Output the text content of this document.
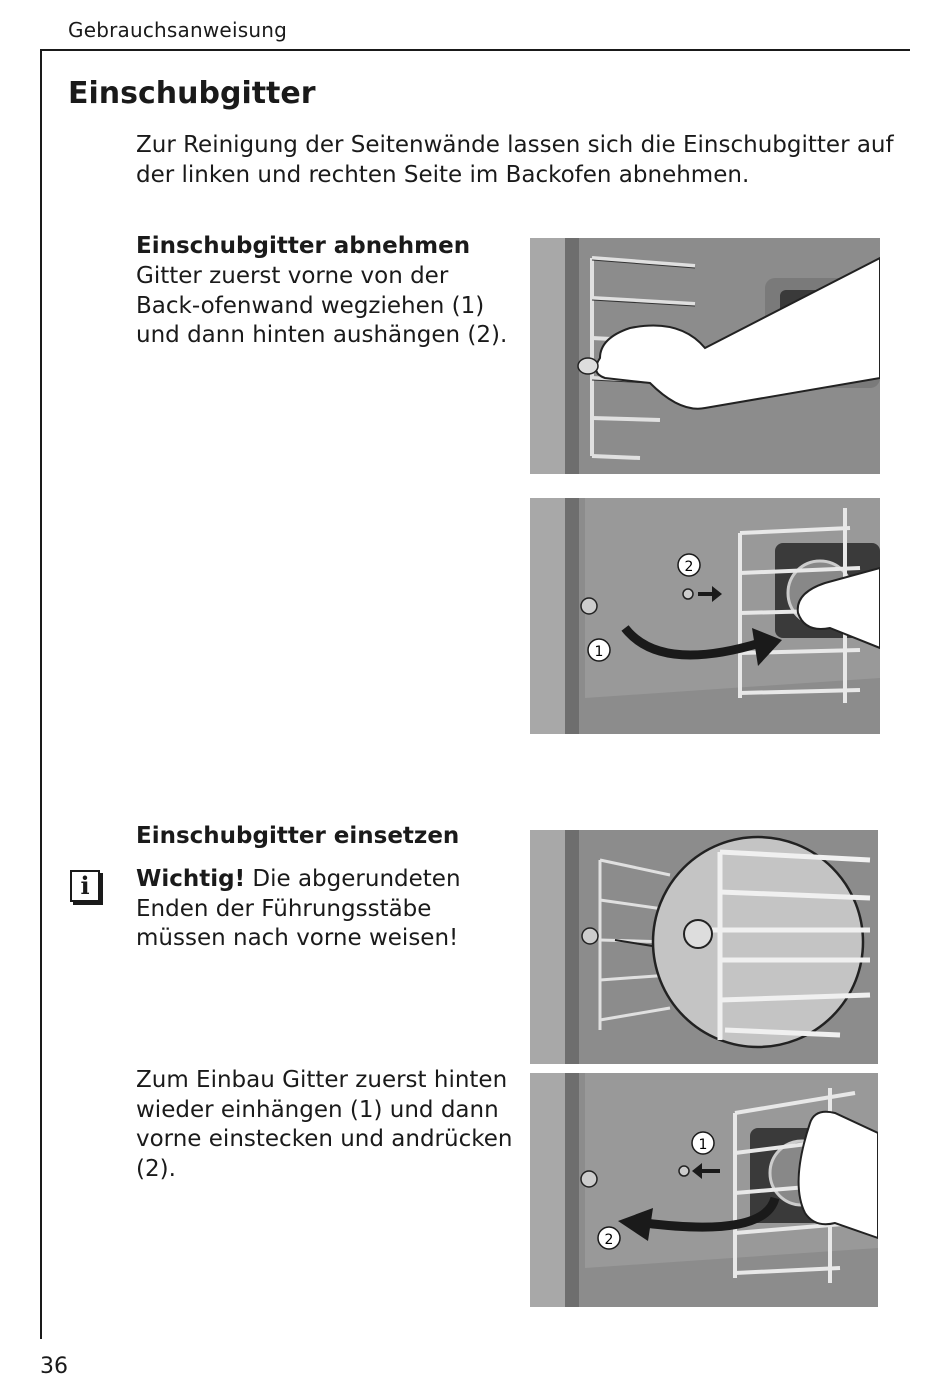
Gebrauchsanweisung
Einschubgitter

Zur Reinigung der Seitenwände lassen sich die Einschubgitter auf der linken und rechten Seite im Backofen abnehmen.

Einschubgitter abnehmen

Gitter zuerst vorne von der Back-ofenwand wegziehen (1) und dann hinten aushängen (2).

Einschubgitter einsetzen

i	Wichtig! Die abgerundeten Enden der Führungsstäbe müssen nach vorne weisen!

Zum Einbau Gitter zuerst hinten wieder einhängen (1) und dann vorne einstecken und andrücken (2).

1
2
1
2
36
